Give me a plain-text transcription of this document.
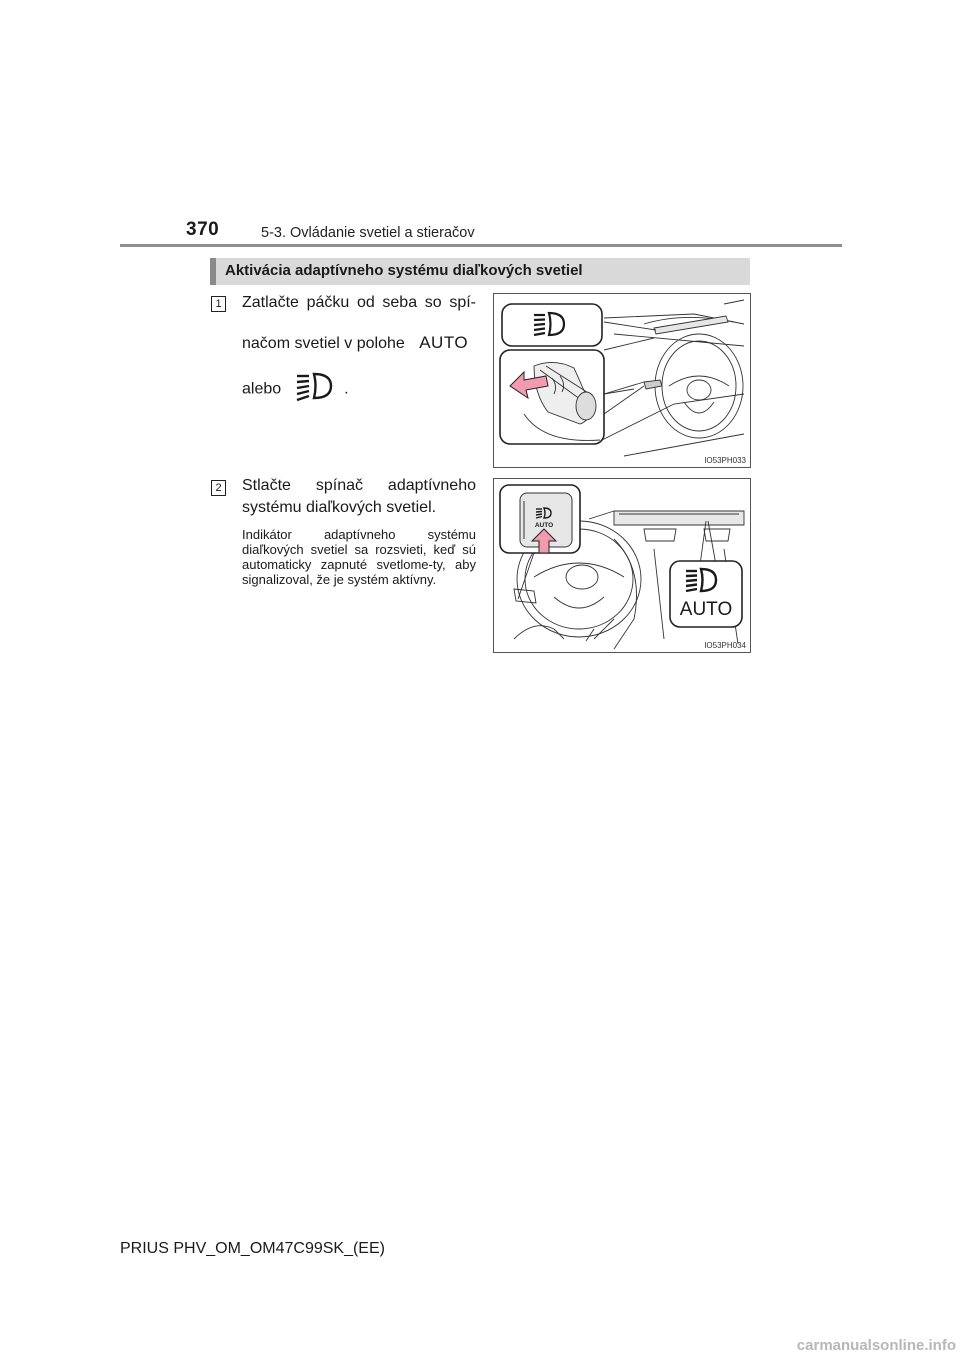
370	5-3. Ovládanie svetiel a stieračov
Aktivácia adaptívneho systému diaľkových svetiel
1 Zatlačte páčku od seba so spí-
načom svetiel v polohe AUTO
alebo	.
IO53PH033
2 Stlačte spínač adaptívneho
systému diaľkových svetiel.
Indikátor adaptívneho systému diaľkových svetiel sa rozsvieti, keď sú automaticky zapnuté svetlome-ty, aby signalizoval, že je systém aktívny.
AUTO
AUTO
IO53PH034
PRIUS PHV_OM_OM47C99SK_(EE)
carmanualsonline.info
